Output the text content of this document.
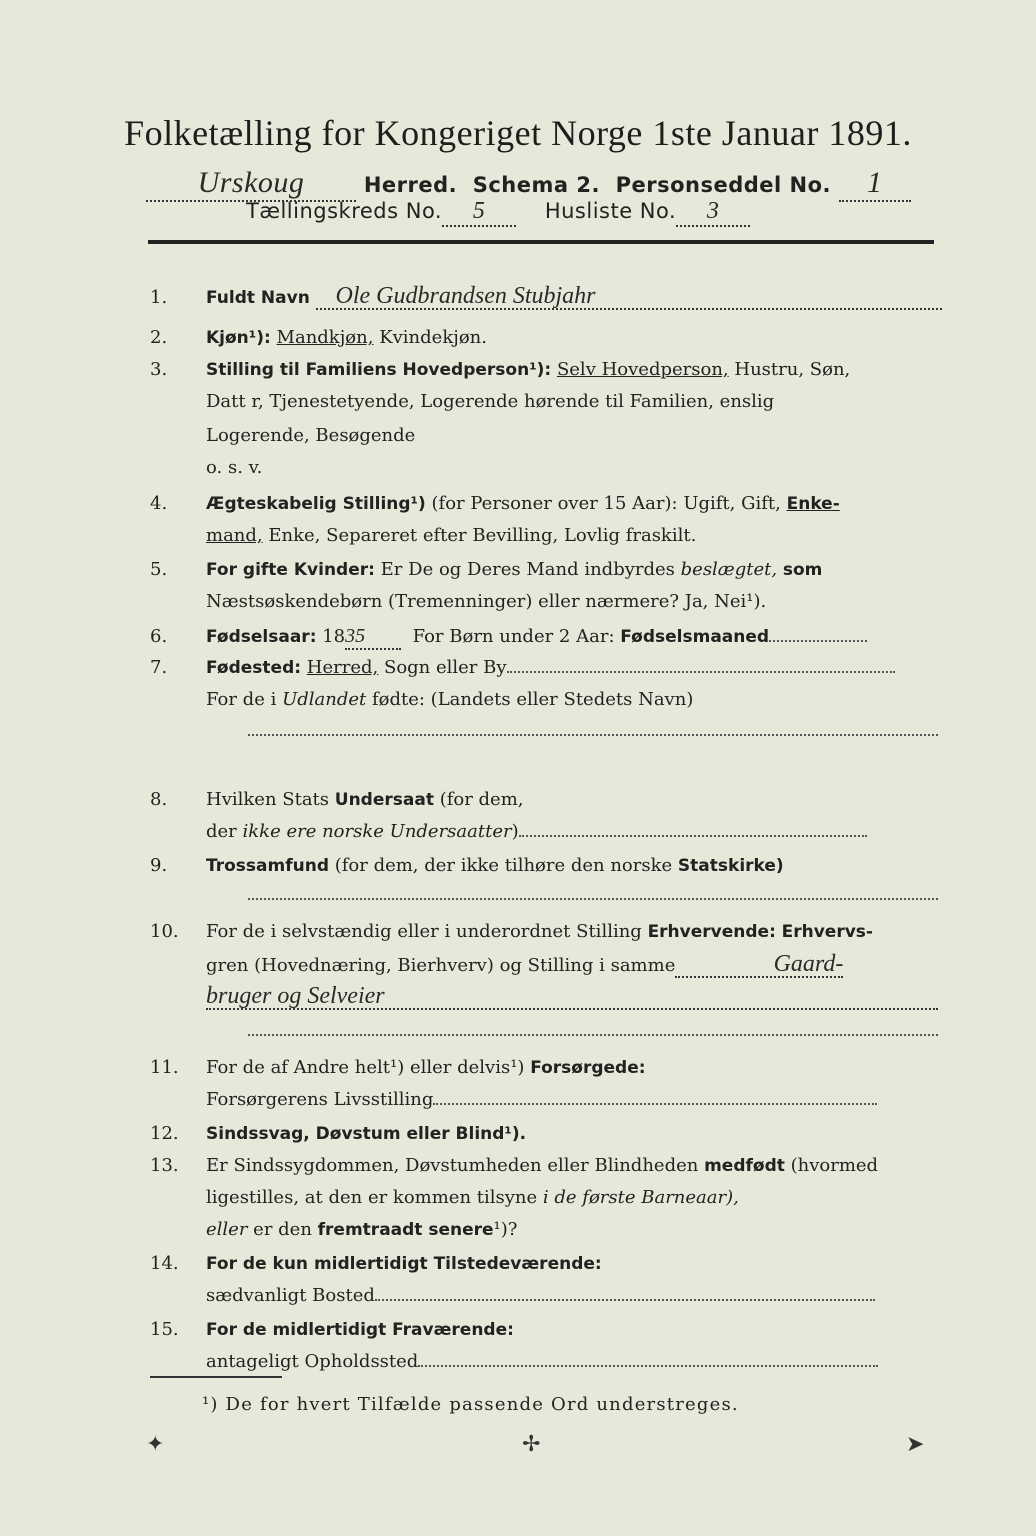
Folketælling for Kongeriget Norge 1ste Januar 1891.
Urskoug	Herred. Schema 2. Personseddel No. 1
Tællingskreds No. 5	Husliste No. 3
1. Fuldt Navn Ole Gudbrandsen Stubjahr
2. Kjøn¹): Mandkjøn, Kvindekjøn.
3. Stilling til Familiens Hovedperson¹): Selv Hovedperson, Hustru, Søn,
Datt r, Tjenestetyende, Logerende hørende til Familien, enslig
Logerende, Besøgende
o. s. v.
4. Ægteskabelig Stilling¹) (for Personer over 15 Aar): Ugift, Gift, Enke-
mand, Enke, Separeret efter Bevilling, Lovlig fraskilt.
5. For gifte Kvinder: Er De og Deres Mand indbyrdes beslægtet, som
Næstsøskendebørn (Tremenninger) eller nærmere? Ja, Nei¹).
6. Fødselsaar: 1835	For Børn under 2 Aar: Fødselsmaaned
7. Fødested: Herred, Sogn eller By
For de i Udlandet fødte: (Landets eller Stedets Navn)
8. Hvilken Stats Undersaat (for dem,
der ikke ere norske Undersaatter)
9. Trossamfund (for dem, der ikke tilhøre den norske Statskirke)
10. For de i selvstændig eller i underordnet Stilling Erhvervende: Erhvervs-
gren (Hovednæring, Bierhverv) og Stilling i samme	Gaard-
bruger og Selveier
11. For de af Andre helt¹) eller delvis¹) Forsørgede:
Forsørgerens Livsstilling
12. Sindssvag, Døvstum eller Blind¹).
13. Er Sindssygdommen, Døvstumheden eller Blindheden medfødt (hvormed
ligestilles, at den er kommen tilsyne i de første Barneaar),
eller er den fremtraadt senere¹)?
14. For de kun midlertidigt Tilstedeværende:
sædvanligt Bosted
15. For de midlertidigt Fraværende:
antageligt Opholdssted
¹) De for hvert Tilfælde passende Ord understreges.
✦	✢	➤
